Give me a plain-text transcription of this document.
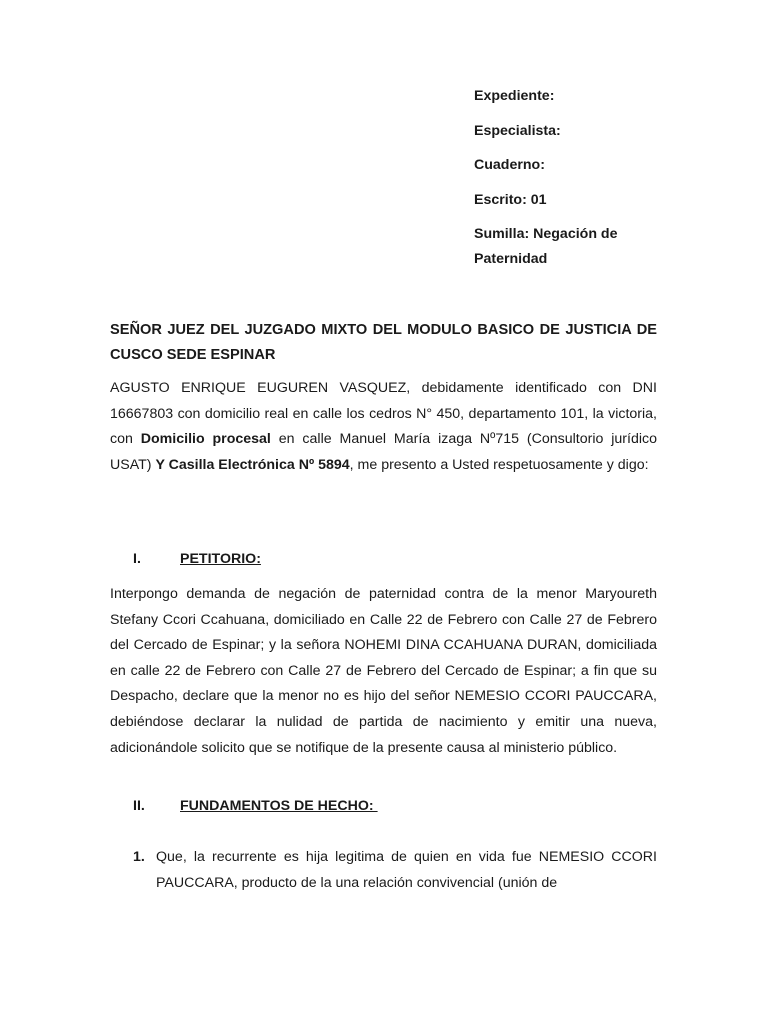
Expediente:
Especialista:
Cuaderno:
Escrito: 01
Sumilla: Negación de
Paternidad
SEÑOR JUEZ DEL JUZGADO MIXTO DEL MODULO BASICO DE JUSTICIA DE CUSCO SEDE ESPINAR
AGUSTO ENRIQUE EUGUREN VASQUEZ, debidamente identificado con DNI 16667803 con domicilio real en calle los cedros N° 450, departamento 101, la victoria, con Domicilio procesal en calle Manuel María izaga Nº715 (Consultorio jurídico USAT) Y Casilla Electrónica Nº 5894, me presento a Usted respetuosamente y digo:
I.	PETITORIO:
Interpongo demanda de negación de paternidad contra de la menor Maryoureth Stefany Ccori Ccahuana, domiciliado en Calle 22 de Febrero con Calle 27 de Febrero del Cercado de Espinar; y la señora NOHEMI DINA CCAHUANA DURAN, domiciliada en calle 22 de Febrero con Calle 27 de Febrero del Cercado de Espinar; a fin que su Despacho, declare que la menor no es hijo del señor NEMESIO CCORI PAUCCARA, debiéndose declarar la nulidad de partida de nacimiento y emitir una nueva, adicionándole solicito que se notifique de la presente causa al ministerio público.
II. FUNDAMENTOS DE HECHO:
1. Que, la recurrente es hija legitima de quien en vida fue NEMESIO CCORI PAUCCARA, producto de la una relación convivencial (unión de
